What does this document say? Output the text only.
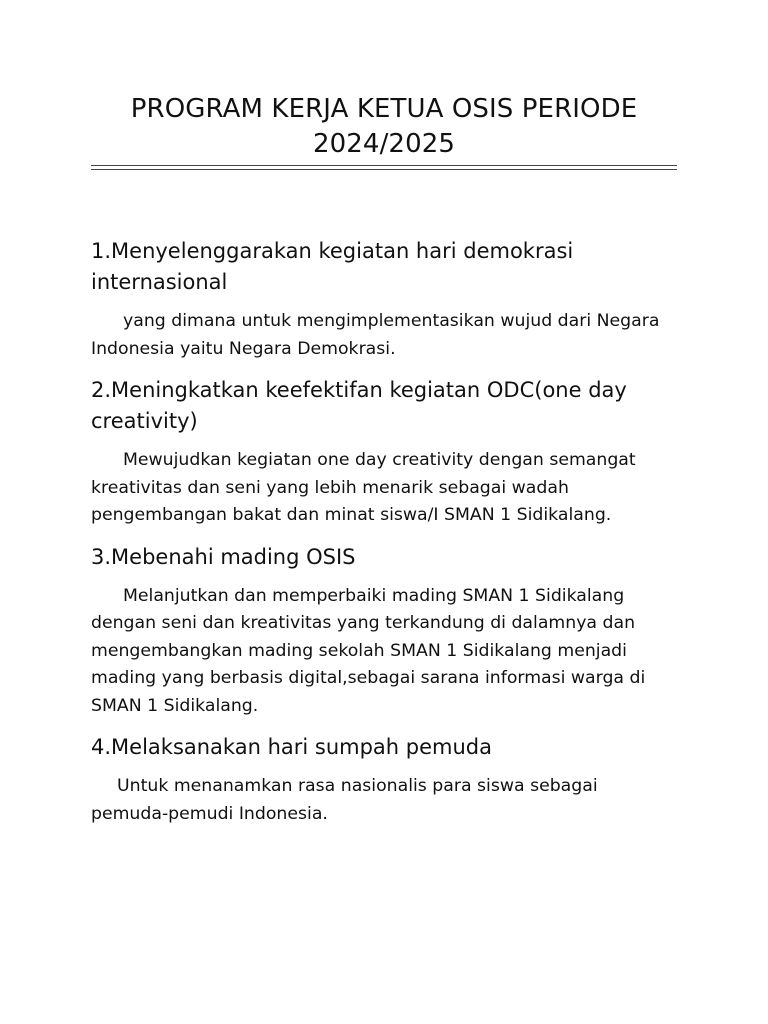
PROGRAM KERJA KETUA OSIS PERIODE
2024/2025
1.Menyelenggarakan kegiatan hari demokrasi internasional

yang dimana untuk mengimplementasikan wujud dari Negara Indonesia yaitu Negara Demokrasi.

2.Meningkatkan keefektifan kegiatan ODC(one day creativity)

Mewujudkan kegiatan one day creativity dengan semangat kreativitas dan seni yang lebih menarik sebagai wadah pengembangan bakat dan minat siswa/I SMAN 1 Sidikalang.

3.Mebenahi mading OSIS

Melanjutkan dan memperbaiki mading SMAN 1 Sidikalang dengan seni dan kreativitas yang terkandung di dalamnya dan mengembangkan mading sekolah SMAN 1 Sidikalang menjadi mading yang berbasis digital,sebagai sarana informasi warga di SMAN 1 Sidikalang.

4.Melaksanakan hari sumpah pemuda

Untuk menanamkan rasa nasionalis para siswa sebagai pemuda-pemudi Indonesia.
